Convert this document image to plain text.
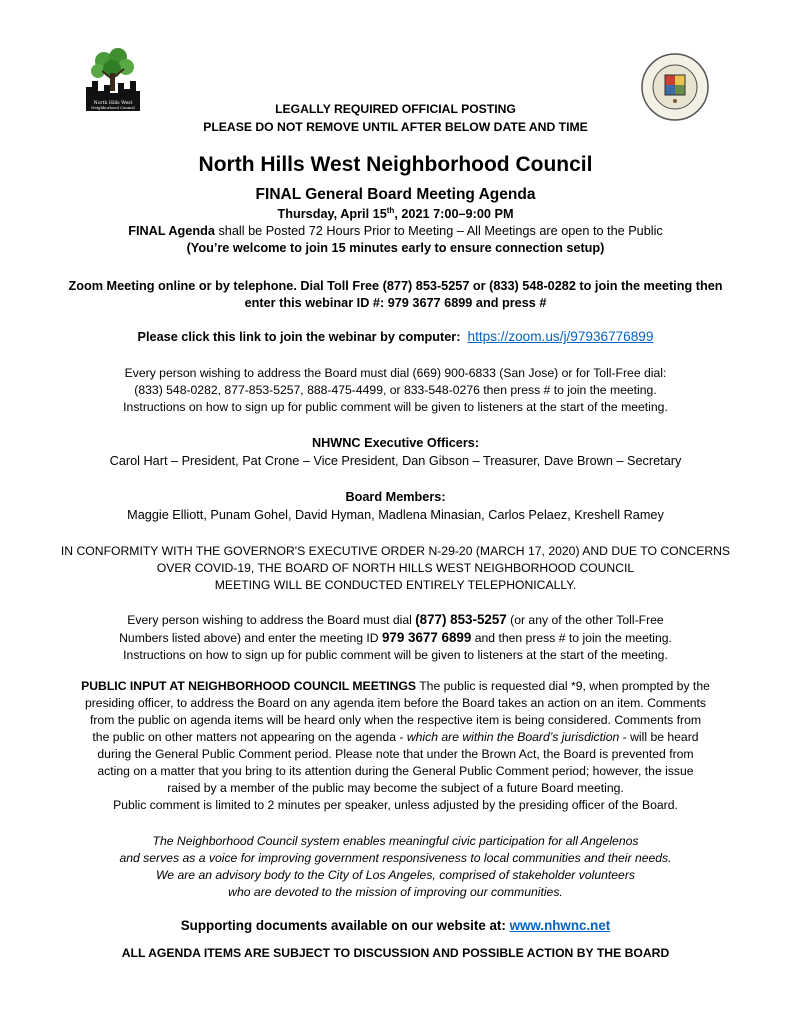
North Hills West
Neighborhood Council	LEGALLY REQUIRED OFFICIAL POSTING
PLEASE DO NOT REMOVE UNTIL AFTER BELOW DATE AND TIME
North Hills West Neighborhood Council
FINAL General Board Meeting Agenda
Thursday, April 15th, 2021 7:00–9:00 PM
FINAL Agenda shall be Posted 72 Hours Prior to Meeting – All Meetings are open to the Public
(You’re welcome to join 15 minutes early to ensure connection setup)
Zoom Meeting online or by telephone. Dial Toll Free (877) 853-5257 or (833) 548-0282 to join the meeting then
enter this webinar ID #: 979 3677 6899 and press #
Please click this link to join the webinar by computer: https://zoom.us/j/97936776899
Every person wishing to address the Board must dial (669) 900-6833 (San Jose) or for Toll-Free dial:
(833) 548-0282, 877-853-5257, 888-475-4499, or 833-548-0276 then press # to join the meeting.
Instructions on how to sign up for public comment will be given to listeners at the start of the meeting.
NHWNC Executive Officers:
Carol Hart – President, Pat Crone – Vice President, Dan Gibson – Treasurer, Dave Brown – Secretary
Board Members:
Maggie Elliott, Punam Gohel, David Hyman, Madlena Minasian, Carlos Pelaez, Kreshell Ramey
IN CONFORMITY WITH THE GOVERNOR'S EXECUTIVE ORDER N-29-20 (MARCH 17, 2020) AND DUE TO CONCERNS
OVER COVID-19, THE BOARD OF NORTH HILLS WEST NEIGHBORHOOD COUNCIL
MEETING WILL BE CONDUCTED ENTIRELY TELEPHONICALLY.
Every person wishing to address the Board must dial (877) 853-5257 (or any of the other Toll-Free
Numbers listed above) and enter the meeting ID 979 3677 6899 and then press # to join the meeting.
Instructions on how to sign up for public comment will be given to listeners at the start of the meeting.
PUBLIC INPUT AT NEIGHBORHOOD COUNCIL MEETINGS The public is requested dial *9, when prompted by the
presiding officer, to address the Board on any agenda item before the Board takes an action on an item. Comments
from the public on agenda items will be heard only when the respective item is being considered. Comments from
the public on other matters not appearing on the agenda - which are within the Board’s jurisdiction - will be heard
during the General Public Comment period. Please note that under the Brown Act, the Board is prevented from
acting on a matter that you bring to its attention during the General Public Comment period; however, the issue
raised by a member of the public may become the subject of a future Board meeting.
Public comment is limited to 2 minutes per speaker, unless adjusted by the presiding officer of the Board.
The Neighborhood Council system enables meaningful civic participation for all Angelenos
and serves as a voice for improving government responsiveness to local communities and their needs.
We are an advisory body to the City of Los Angeles, comprised of stakeholder volunteers
who are devoted to the mission of improving our communities.
Supporting documents available on our website at: www.nhwnc.net
ALL AGENDA ITEMS ARE SUBJECT TO DISCUSSION AND POSSIBLE ACTION BY THE BOARD
